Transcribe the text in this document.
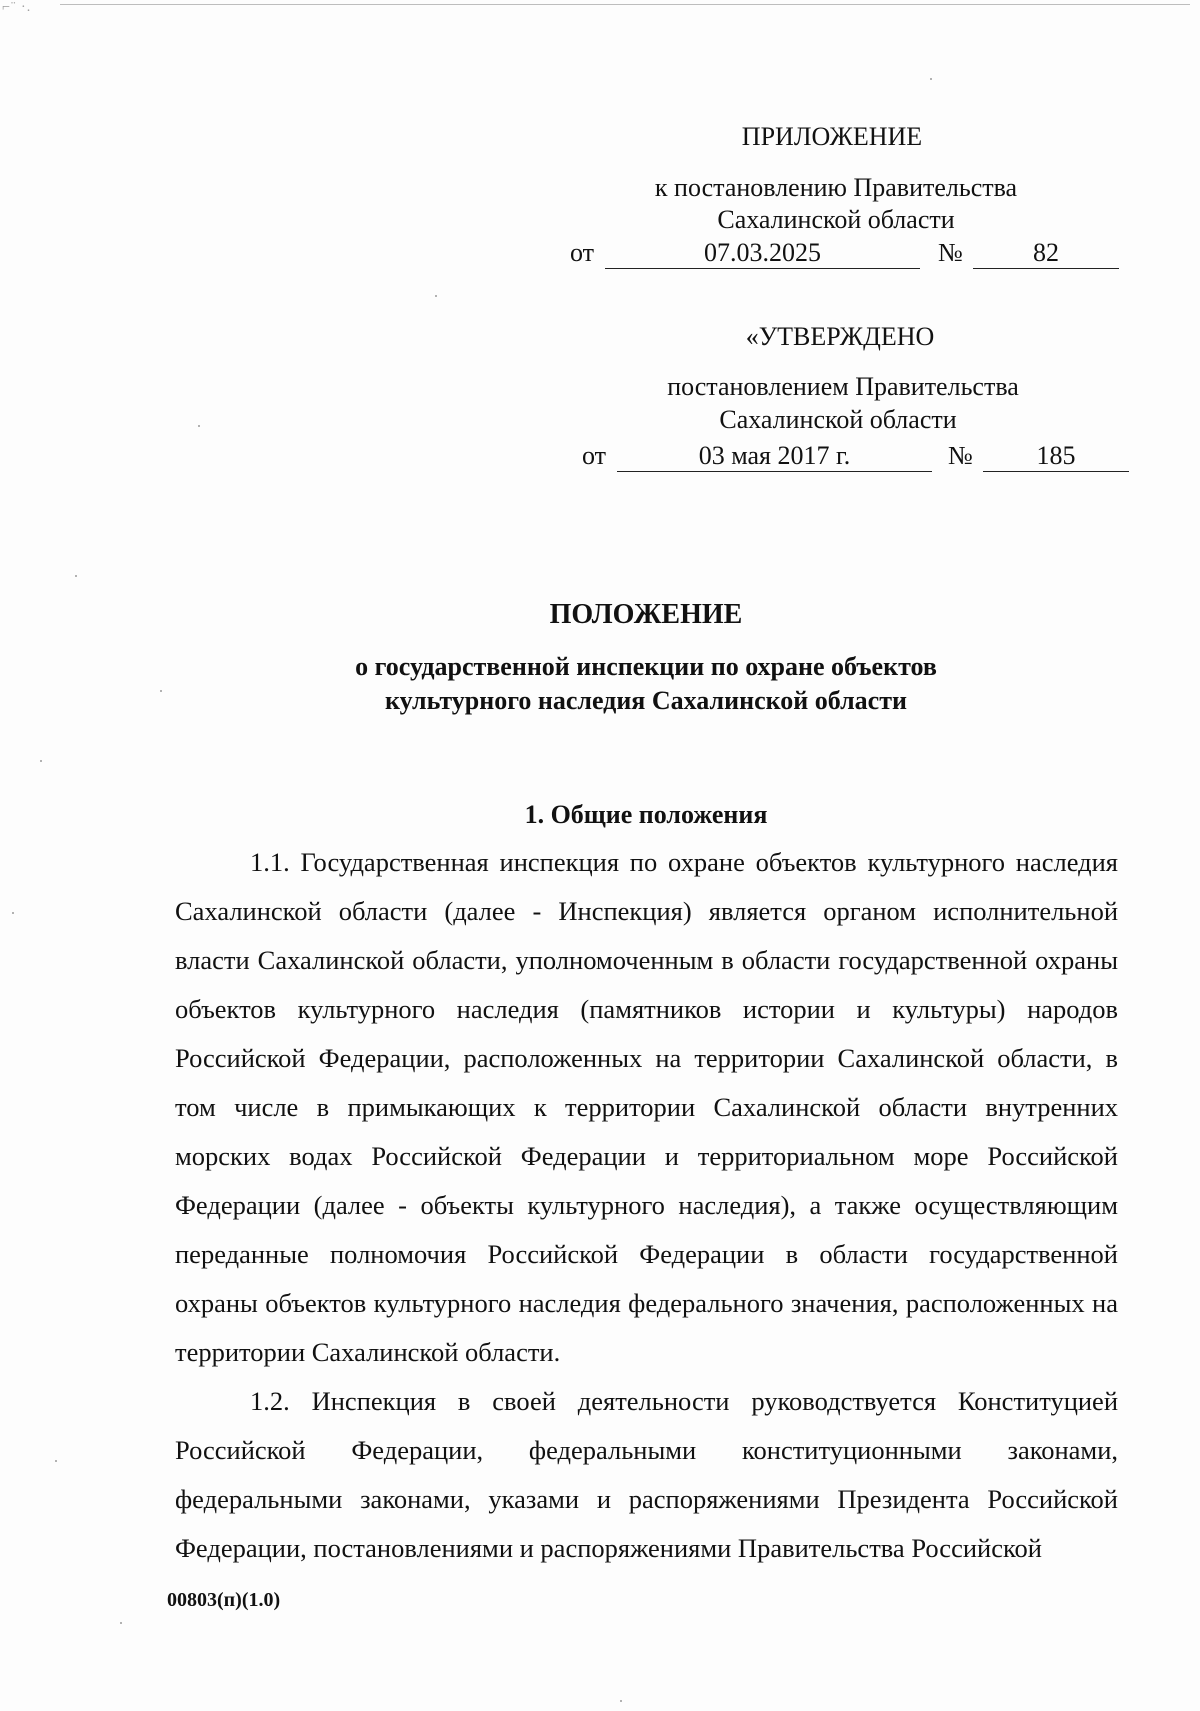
⌐¨ ·.
ПРИЛОЖЕНИЕ
к постановлению Правительства
Сахалинской области
от	07.03.2025	№	82
«УТВЕРЖДЕНО
постановлением Правительства
Сахалинской области
от	03 мая 2017 г.	№	185
ПОЛОЖЕНИЕ
о государственной инспекции по охране объектов
культурного наследия Сахалинской области
1. Общие положения
1.1. Государственная инспекция по охране объектов культурного наследия Сахалинской области (далее - Инспекция) является органом исполнительной власти Сахалинской области, уполномоченным в области государственной охраны объектов культурного наследия (памятников истории и культуры) народов Российской Федерации, расположенных на территории Сахалинской области, в том числе в примыкающих к территории Сахалинской области внутренних морских водах Российской Федерации и территориальном море Российской Федерации (далее - объекты культурного наследия), а также осуществляющим переданные полномочия Российской Федерации в области государственной охраны объектов культурного наследия федерального значения, расположенных на территории Сахалинской области.
1.2. Инспекция в своей деятельности руководствуется Конституцией Российской Федерации, федеральными конституционными законами, федеральными законами, указами и распоряжениями Президента Российской Федерации, постановлениями и распоряжениями Правительства Российской
00803(п)(1.0)
